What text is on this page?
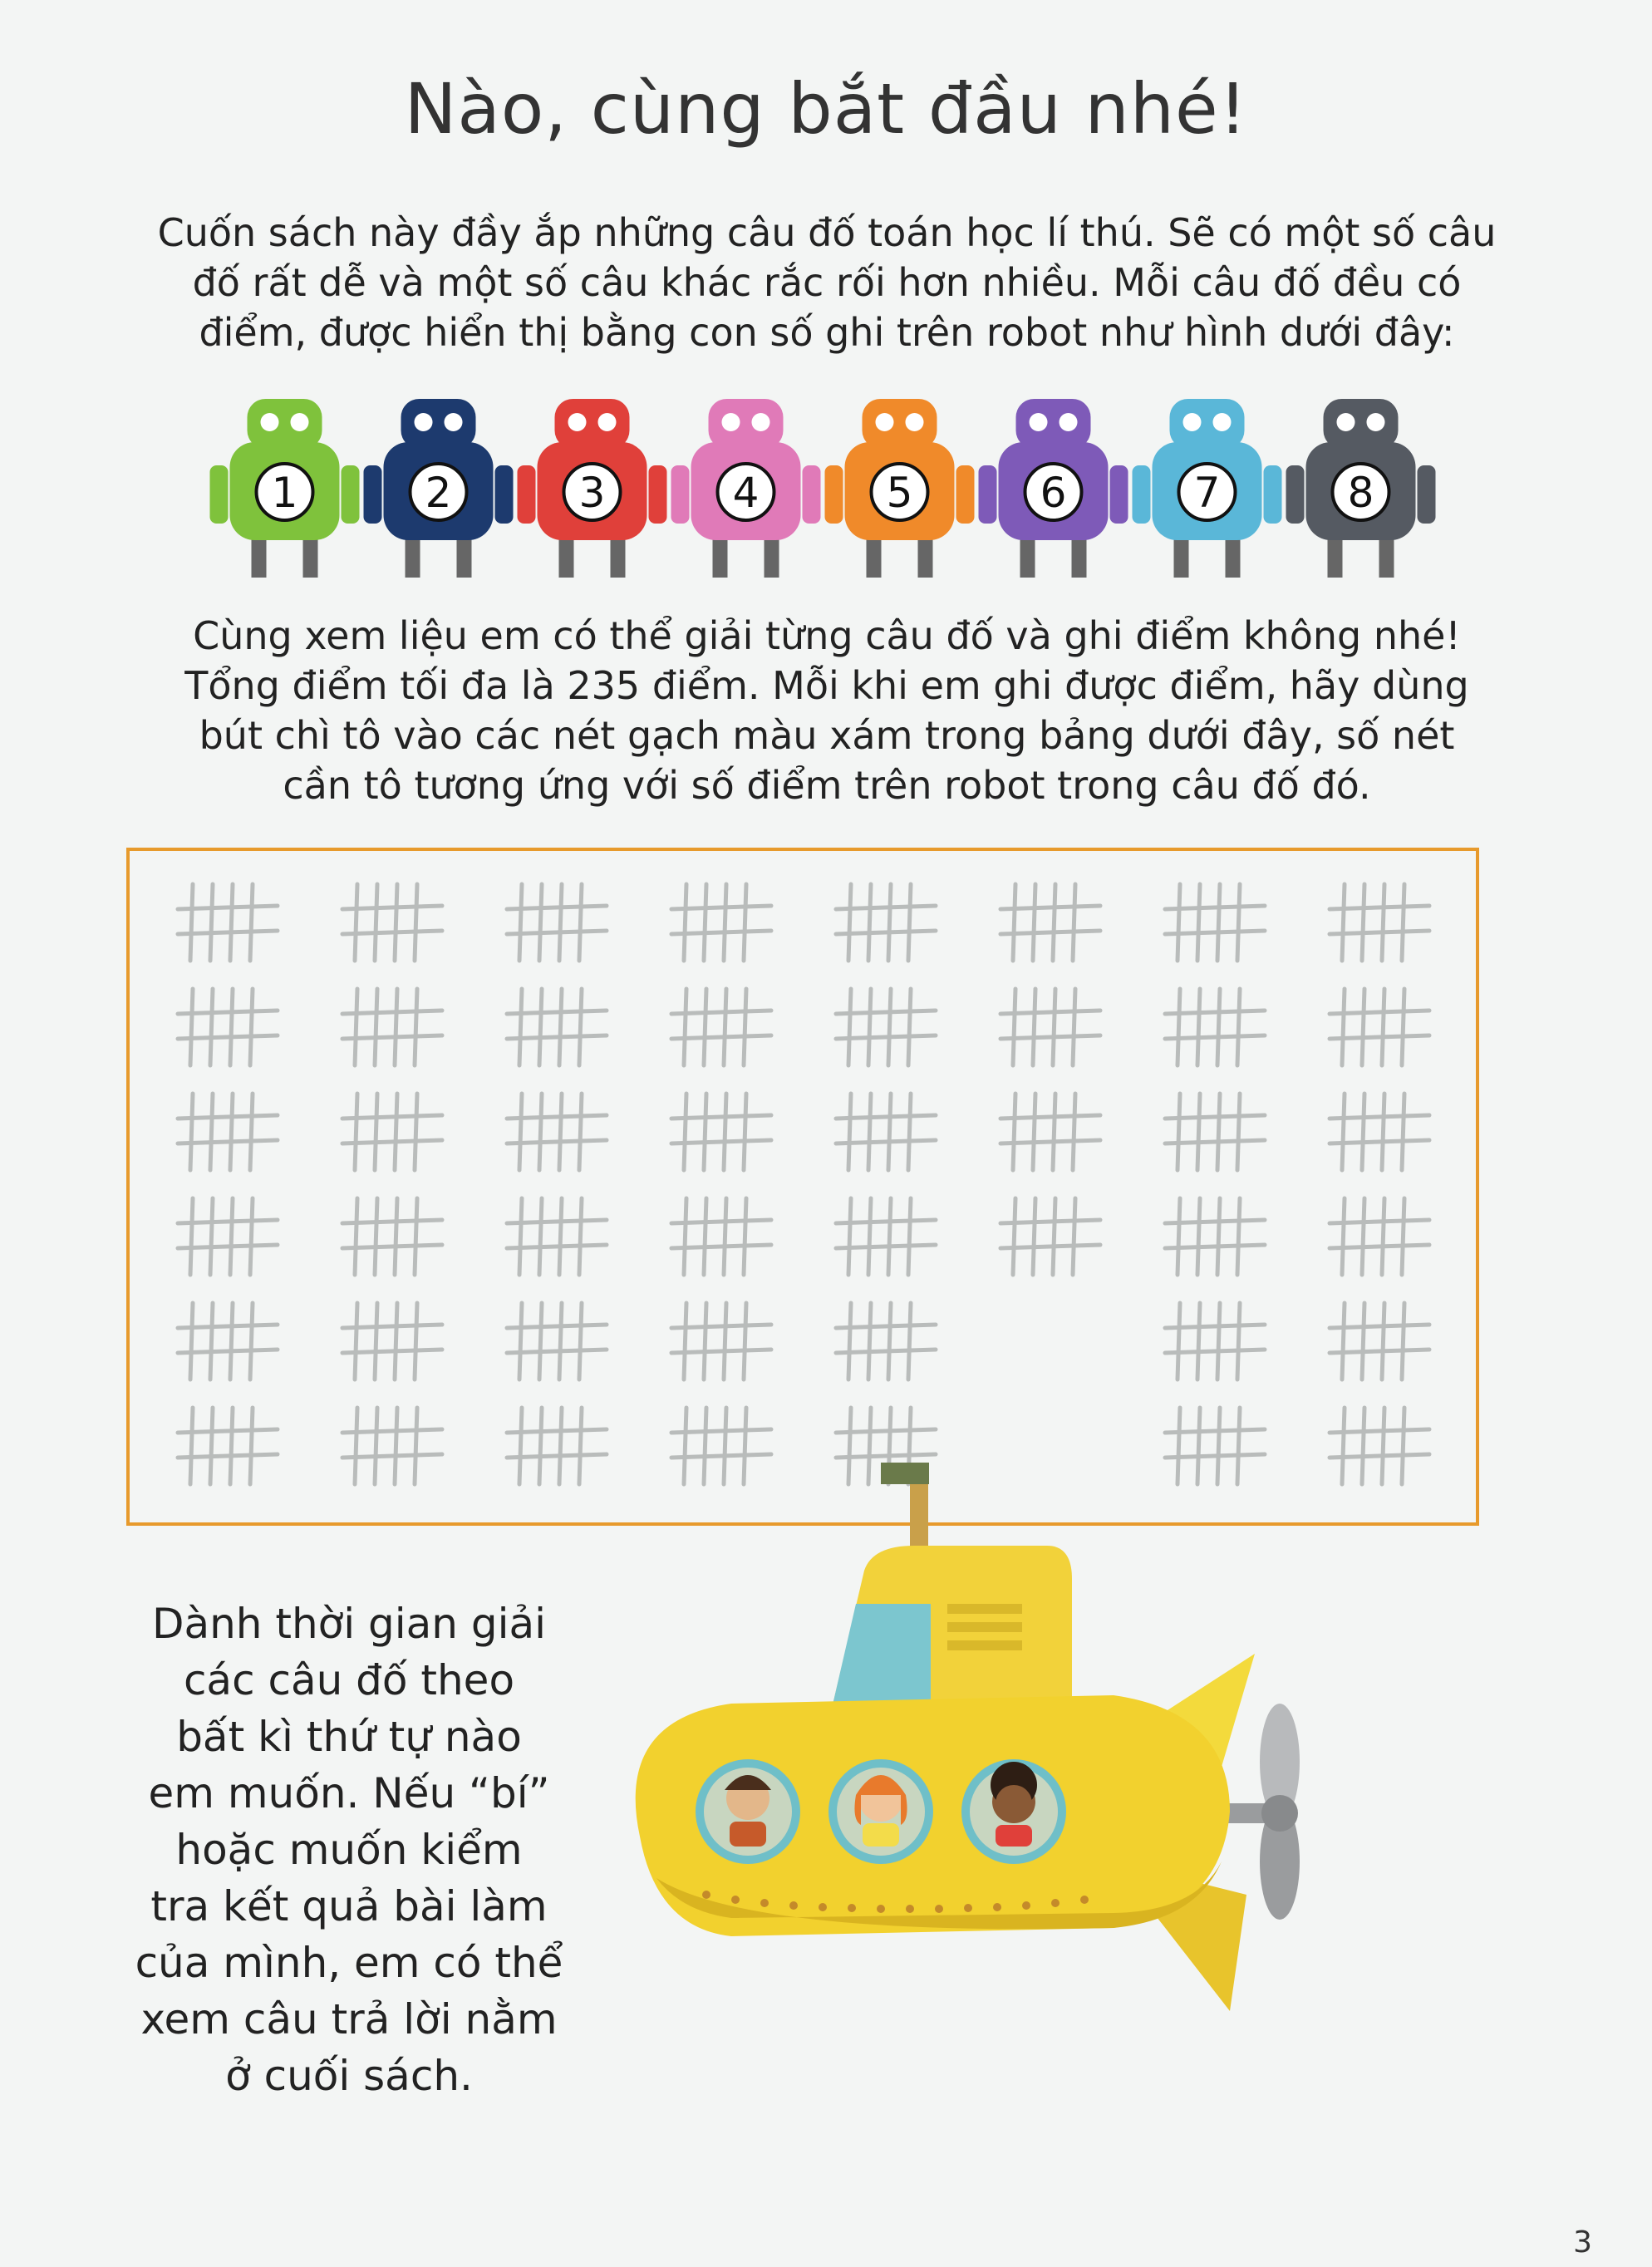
Nào, cùng bắt đầu nhé!
Cuốn sách này đầy ắp những câu đố toán học lí thú. Sẽ có một số câu
đố rất dễ và một số câu khác rắc rối hơn nhiều. Mỗi câu đố đều có
điểm, được hiển thị bằng con số ghi trên robot như hình dưới đây:
1	2	3	4	5	6	7	8
Cùng xem liệu em có thể giải từng câu đố và ghi điểm không nhé!
Tổng điểm tối đa là 235 điểm. Mỗi khi em ghi được điểm, hãy dùng
bút chì tô vào các nét gạch màu xám trong bảng dưới đây, số nét
cần tô tương ứng với số điểm trên robot trong câu đố đó.
Dành thời gian giải
các câu đố theo
bất kì thứ tự nào
em muốn. Nếu “bí”
hoặc muốn kiểm
tra kết quả bài làm
của mình, em có thể
xem câu trả lời nằm
ở cuối sách.
3
